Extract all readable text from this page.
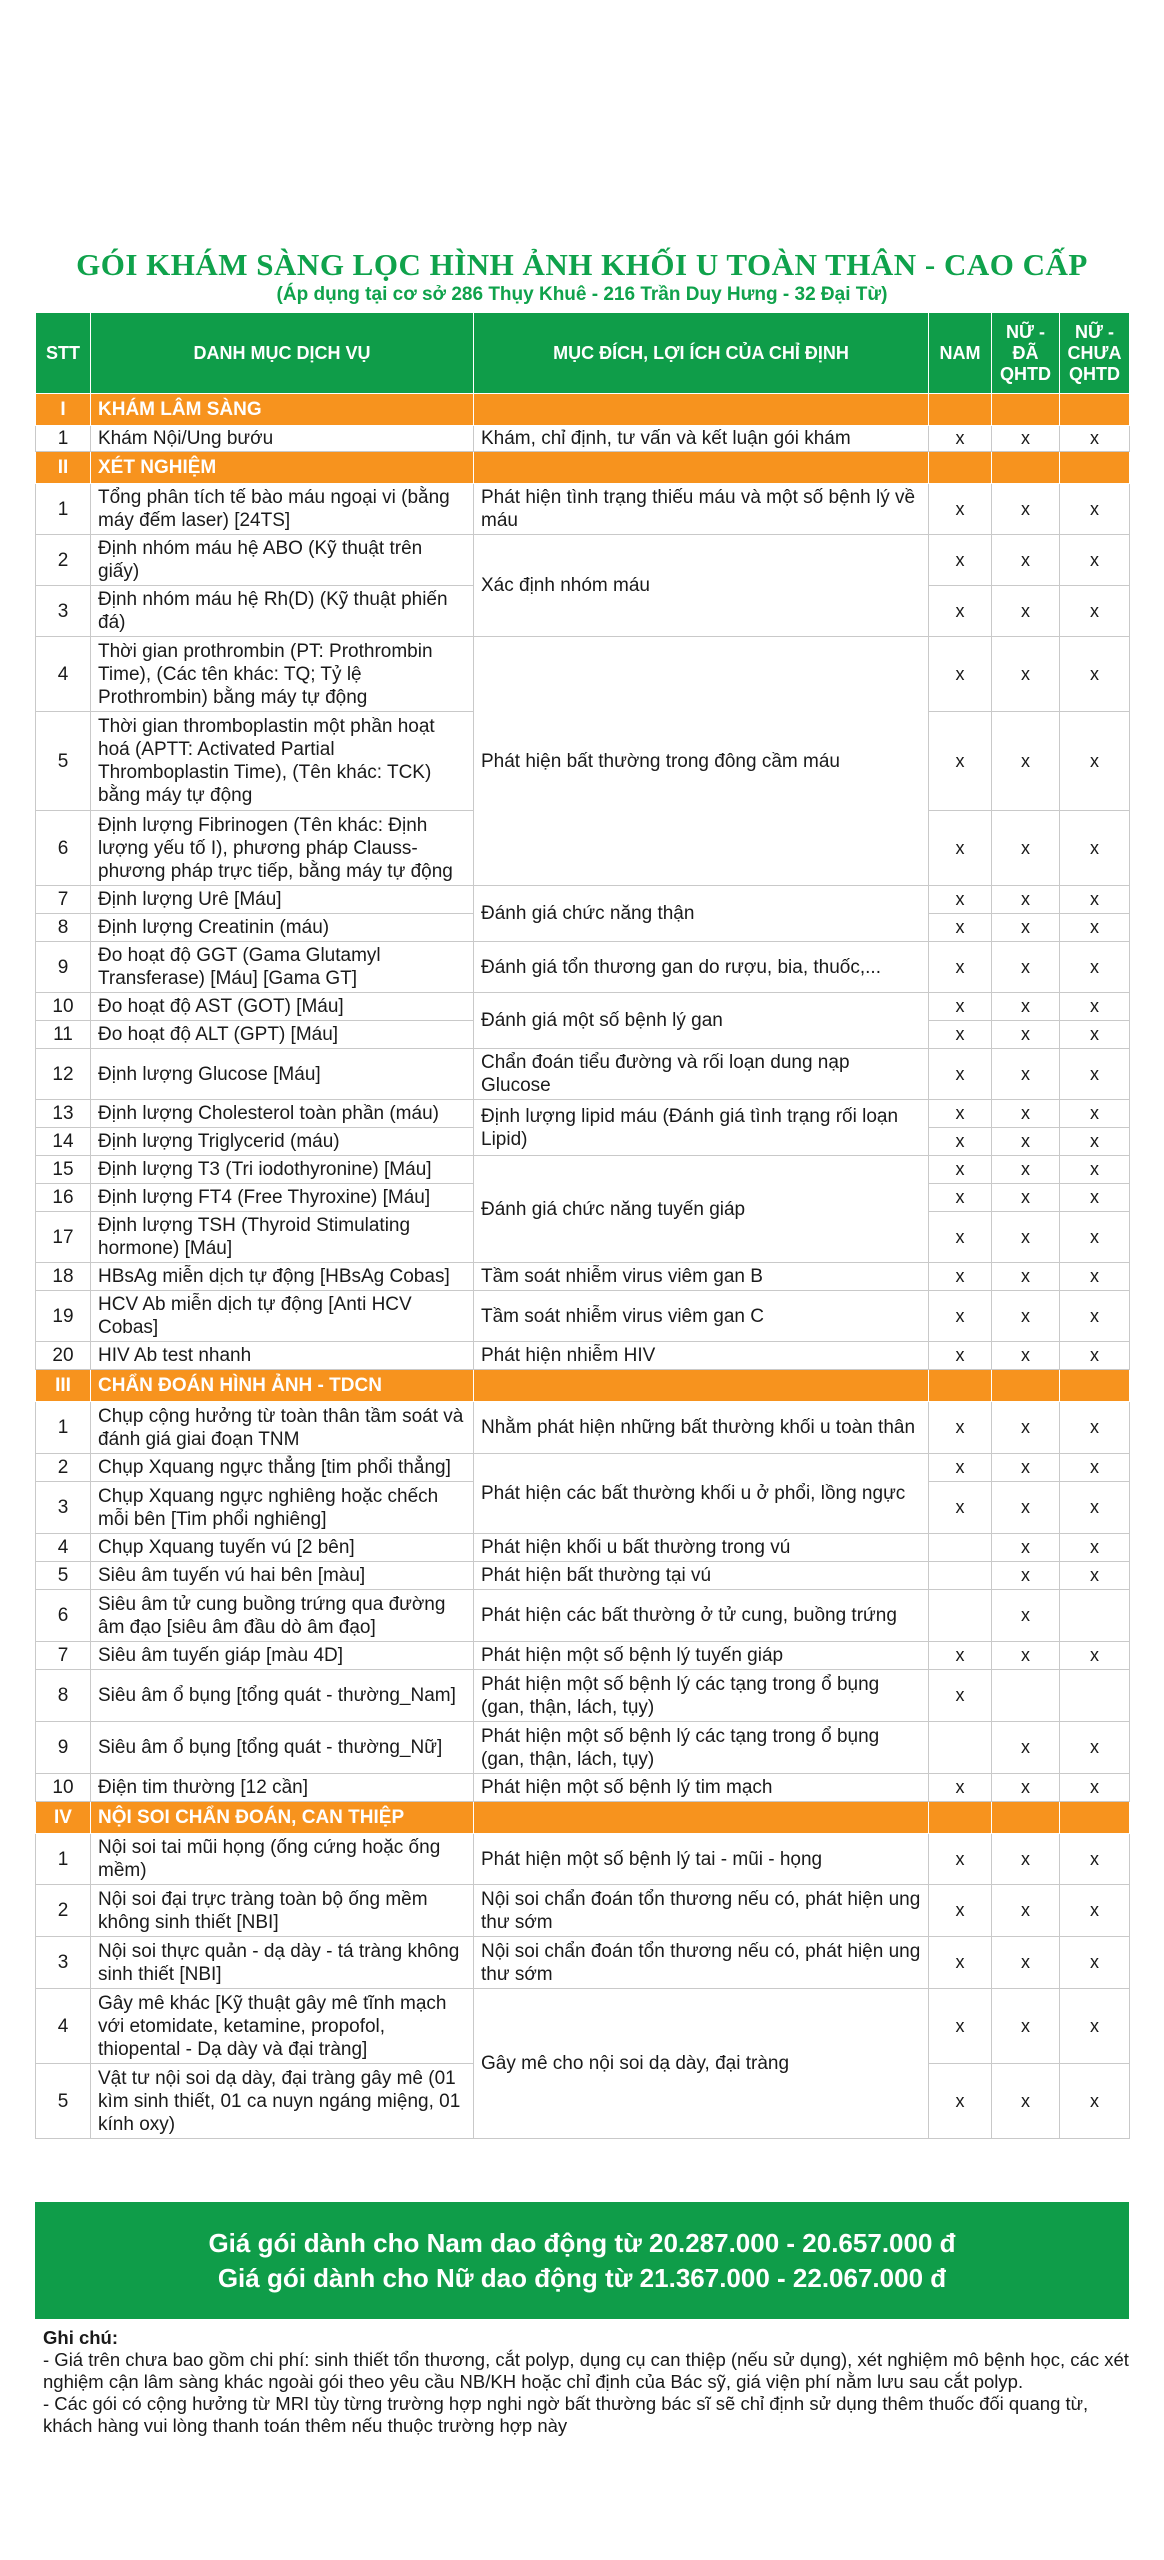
GÓI KHÁM SÀNG LỌC HÌNH ẢNH KHỐI U TOÀN THÂN - CAO CẤP
(Áp dụng tại cơ sở 286 Thụy Khuê - 216 Trần Duy Hưng - 32 Đại Từ)
STT	DANH MỤC DỊCH VỤ	MỤC ĐÍCH, LỢI ÍCH CỦA CHỈ ĐỊNH	NAM	NỮ - ĐÃ QHTD	NỮ - CHƯA QHTD
I	KHÁM LÂM SÀNG				
1	Khám Nội/Ung bướu	Khám, chỉ định, tư vấn và kết luận gói khám	x	x	x
II	XÉT NGHIỆM				
1	Tổng phân tích tế bào máu ngoại vi (bằng máy đếm laser) [24TS]	Phát hiện tình trạng thiếu máu và một số bệnh lý về máu	x	x	x
2	Định nhóm máu hệ ABO (Kỹ thuật trên giấy)	Xác định nhóm máu	x	x	x
3	Định nhóm máu hệ Rh(D) (Kỹ thuật phiến đá)		x	x	x
4	Thời gian prothrombin (PT: Prothrombin Time), (Các tên khác: TQ; Tỷ lệ Prothrombin) bằng máy tự động	Phát hiện bất thường trong đông cầm máu	x	x	x
5	Thời gian thromboplastin một phần hoạt hoá (APTT: Activated Partial Thromboplastin Time), (Tên khác: TCK) bằng máy tự động		x	x	x
6	Định lượng Fibrinogen (Tên khác: Định lượng yếu tố I), phương pháp Clauss-phương pháp trực tiếp, bằng máy tự động		x	x	x
7	Định lượng Urê [Máu]	Đánh giá chức năng thận	x	x	x
8	Định lượng Creatinin (máu)		x	x	x
9	Đo hoạt độ GGT (Gama Glutamyl Transferase) [Máu] [Gama GT]	Đánh giá tổn thương gan do rượu, bia, thuốc,...	x	x	x
10	Đo hoạt độ AST (GOT) [Máu]	Đánh giá một số bệnh lý gan	x	x	x
11	Đo hoạt độ ALT (GPT) [Máu]		x	x	x
12	Định lượng Glucose [Máu]	Chẩn đoán tiểu đường và rối loạn dung nạp Glucose	x	x	x
13	Định lượng Cholesterol toàn phần (máu)	Định lượng lipid máu (Đánh giá tình trạng rối loạn Lipid)	x	x	x
14	Định lượng Triglycerid (máu)		x	x	x
15	Định lượng T3 (Tri iodothyronine) [Máu]	Đánh giá chức năng tuyến giáp	x	x	x
16	Định lượng FT4 (Free Thyroxine) [Máu]		x	x	x
17	Định lượng TSH (Thyroid Stimulating hormone) [Máu]		x	x	x
18	HBsAg miễn dịch tự động [HBsAg Cobas]	Tầm soát nhiễm virus viêm gan B	x	x	x
19	HCV Ab miễn dịch tự động [Anti HCV Cobas]	Tầm soát nhiễm virus viêm gan C	x	x	x
20	HIV Ab test nhanh	Phát hiện nhiễm HIV	x	x	x
III	CHẨN ĐOÁN HÌNH ẢNH - TDCN				
1	Chụp cộng hưởng từ toàn thân tầm soát và đánh giá giai đoạn TNM	Nhằm phát hiện những bất thường khối u toàn thân	x	x	x
2	Chụp Xquang ngực thẳng [tim phổi thẳng]	Phát hiện các bất thường khối u ở phổi, lồng ngực	x	x	x
3	Chụp Xquang ngực nghiêng hoặc chếch mỗi bên [Tim phổi nghiêng]		x	x	x
4	Chụp Xquang tuyến vú [2 bên]	Phát hiện khối u bất thường trong vú		x	x
5	Siêu âm tuyến vú hai bên [màu]	Phát hiện bất thường tại vú		x	x
6	Siêu âm tử cung buồng trứng qua đường âm đạo [siêu âm đầu dò âm đạo]	Phát hiện các bất thường ở tử cung, buồng trứng		x	
7	Siêu âm tuyến giáp [màu 4D]	Phát hiện một số bệnh lý tuyến giáp	x	x	x
8	Siêu âm ổ bụng [tổng quát - thường_Nam]	Phát hiện một số bệnh lý các tạng trong ổ bụng (gan, thận, lách, tụy)	x		
9	Siêu âm ổ bụng [tổng quát - thường_Nữ]	Phát hiện một số bệnh lý các tạng trong ổ bụng (gan, thận, lách, tụy)		x	x
10	Điện tim thường [12 cần]	Phát hiện một số bệnh lý tim mạch	x	x	x
IV	NỘI SOI CHẨN ĐOÁN, CAN THIỆP				
1	Nội soi tai mũi họng (ống cứng hoặc ống mềm)	Phát hiện một số bệnh lý tai - mũi - họng	x	x	x
2	Nội soi đại trực tràng toàn bộ ống mềm không sinh thiết [NBI]	Nội soi chẩn đoán tổn thương nếu có, phát hiện ung thư sớm	x	x	x
3	Nội soi thực quản - dạ dày - tá tràng không sinh thiết [NBI]	Nội soi chẩn đoán tổn thương nếu có, phát hiện ung thư sớm	x	x	x
4	Gây mê khác [Kỹ thuật gây mê tĩnh mạch với etomidate, ketamine, propofol, thiopental - Dạ dày và đại tràng]	Gây mê cho nội soi dạ dày, đại tràng	x	x	x
5	Vật tư nội soi dạ dày, đại tràng gây mê (01 kìm sinh thiết, 01 ca nuyn ngáng miệng, 01 kính oxy)		x	x	x
Giá gói dành cho Nam dao động từ 20.287.000 - 20.657.000 đ
Giá gói dành cho Nữ dao động từ 21.367.000 - 22.067.000 đ
Ghi chú:
- Giá trên chưa bao gồm chi phí: sinh thiết tổn thương, cắt polyp, dụng cụ can thiệp (nếu sử dụng), xét nghiệm mô bệnh học, các xét nghiệm cận lâm sàng khác ngoài gói theo yêu cầu NB/KH hoặc chỉ định của Bác sỹ, giá viện phí nằm lưu sau cắt polyp.
- Các gói có cộng hưởng từ MRI tùy từng trường hợp nghi ngờ bất thường bác sĩ sẽ chỉ định sử dụng thêm thuốc đối quang từ, khách hàng vui lòng thanh toán thêm nếu thuộc trường hợp này
